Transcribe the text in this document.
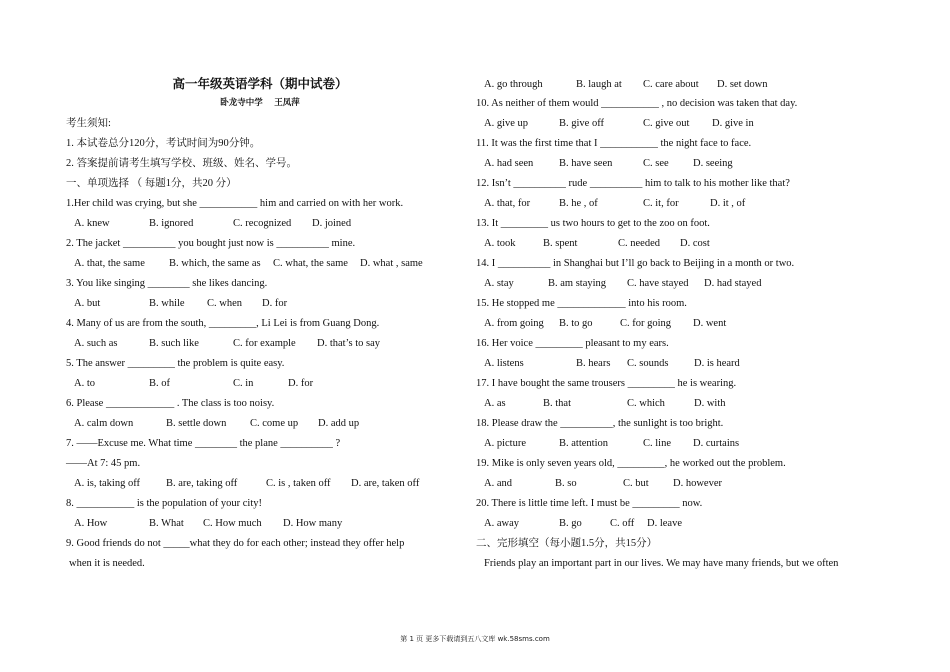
高一年级英语学科（期中试卷）
卧龙寺中学　 王凤萍
考生须知:
1. 本试卷总分120分，考试时间为90分钟。
2. 答案提前请考生填写学校、班级、姓名、学号。
一、单项选择 （ 每题1分，共20 分）
1.Her child was crying, but she ___________ him and carried on with her work.
A. knew	B. ignored	C. recognized D. joined
2. The jacket __________ you bought just now is __________ mine.
A. that, the same B. which, the same as C. what, the same D. what , same
3. You like singing ________ she likes dancing.
A. but	B. while C. when D. for
4. Many of us are from the south, _________, Li Lei is from Guang Dong.
A. such as	B. such like	C. for example D. that’s to say
5. The answer _________ the problem is quite easy.
A. to	B. of	C. in	D. for
6. Please _____________ . The class is too noisy.
A. calm down	B. settle down C. come up D. add up
7. ——Excuse me. What time ________ the plane __________ ?
——At 7: 45 pm.
A. is, taking off B. are, taking off	C. is , taken off D. are, taken off
8. ___________ is the population of your city!
A. How	B. What C. How much D. How many
9. Good friends do not _____what they do for each other; instead they offer help
when it is needed.
A. go through	B. laugh at C. care about D. set down
10. As neither of them would ___________ , no decision was taken that day.
A. give up	B. give off	C. give out D. give in
11. It was the first time that I ___________ the night face to face.
A. had seen B. have seen	C. see D. seeing
12. Isn’t __________ rude __________ him to talk to his mother like that?
A. that, for	B. he , of	C. it, for	D. it , of
13. It _________ us two hours to get to the zoo on foot.
A. took	B. spent	C. needed D. cost
14. I __________ in Shanghai but I’ll go back to Beijing in a month or two.
A. stay	B. am staying C. have stayed D. had stayed
15. He stopped me _____________ into his room.
A. from going B. to go	C. for going D. went
16. Her voice _________ pleasant to my ears.
A. listens	B. hears C. sounds D. is heard
17. I have bought the same trousers _________ he is wearing.
A. as	B. that	C. which	D. with
18. Please draw the __________, the sunlight is too bright.
A. picture	B. attention	C. line D. curtains
19. Mike is only seven years old, _________, he worked out the problem.
A. and	B. so	C. but D. however
20. There is little time left. I must be _________ now.
A. away	B. go	C. off D. leave
二、完形填空（每小题1.5分，共15分）
Friends play an important part in our lives. We may have many friends, but we often
第 1 页 更多下载请到五八文库 wk.58sms.com
